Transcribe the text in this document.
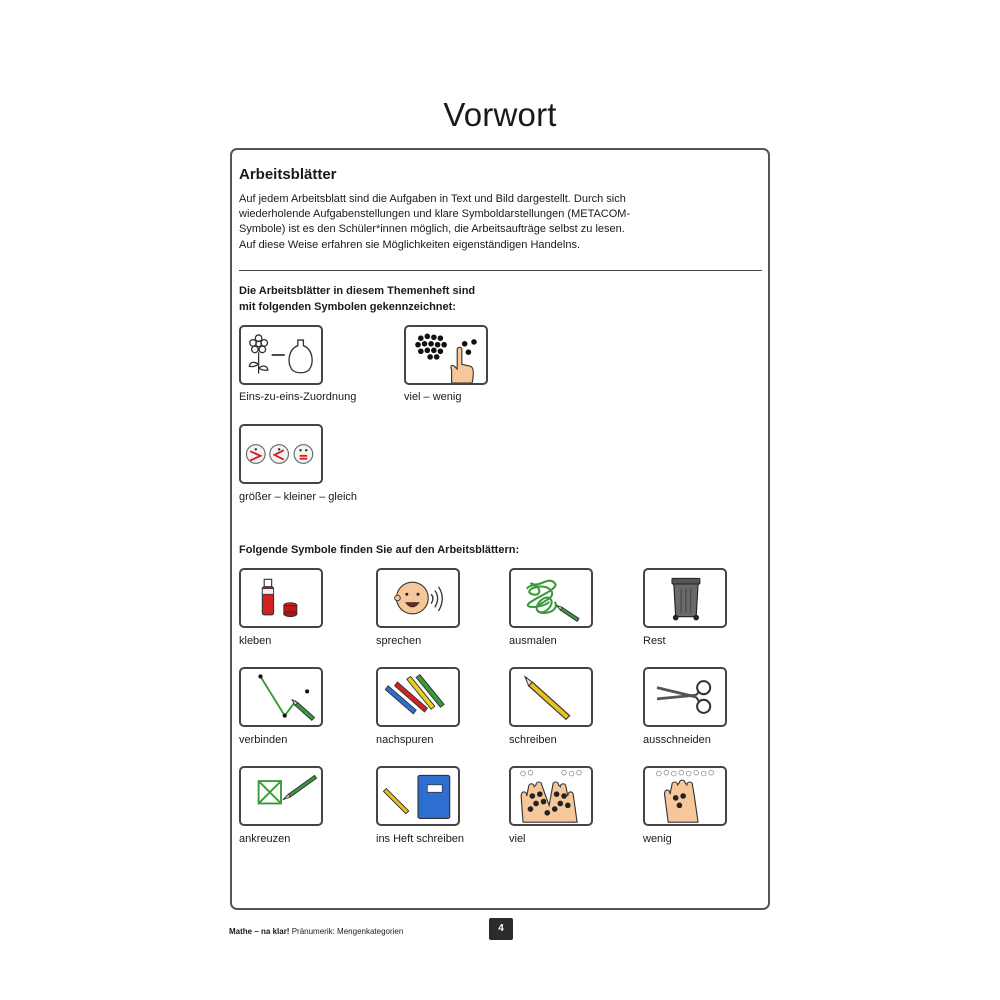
Vorwort
Arbeitsblätter

Auf jedem Arbeitsblatt sind die Aufgaben in Text und Bild dargestellt. Durch sich
wiederholende Aufgabenstellungen und klare Symboldarstellungen (METACOM-
Symbole) ist es den Schüler*innen möglich, die Arbeitsaufträge selbst zu lesen.
Auf diese Weise erfahren sie Möglichkeiten eigenständigen Handelns.

Die Arbeitsblätter in diesem Themenheft sind
mit folgenden Symbolen gekennzeichnet:

Eins-zu-eins-Zuordnung	viel – wenig
größer – kleiner – gleich

Folgende Symbole finden Sie auf den Arbeitsblättern:

kleben	sprechen	ausmalen	Rest
verbinden	nachspuren	schreiben	ausschneiden
ankreuzen	ins Heft schreiben	viel	wenig
Mathe – na klar! Pränumerik: Mengenkategorien	4
